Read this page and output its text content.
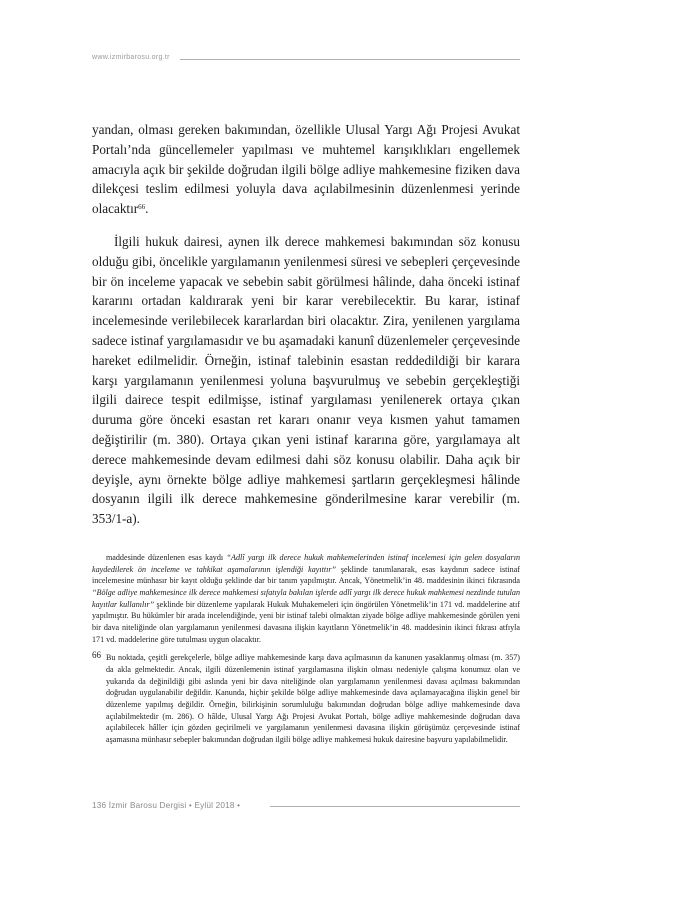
www.izmirbarosu.org.tr
yandan, olması gereken bakımından, özellikle Ulusal Yargı Ağı Projesi Avukat Portalı’nda güncellemeler yapılması ve muhtemel karışıklıkları engellemek amacıyla açık bir şekilde doğrudan ilgili bölge adliye mahkemesine fiziken dava dilekçesi teslim edilmesi yoluyla dava açılabilmesinin düzenlenmesi yerinde olacaktır$^{66}$.
İlgili hukuk dairesi, aynen ilk derece mahkemesi bakımından söz konusu olduğu gibi, öncelikle yargılamanın yenilenmesi süresi ve sebepleri çerçevesinde bir ön inceleme yapacak ve sebebin sabit görülmesi hâlinde, daha önceki istinaf kararını ortadan kaldırarak yeni bir karar verebilecektir. Bu karar, istinaf incelemesinde verilebilecek kararlardan biri olacaktır. Zira, yenilenen yargılama sadece istinaf yargılamasıdır ve bu aşamadaki kanunî düzenlemeler çerçevesinde hareket edilmelidir. Örneğin, istinaf talebinin esastan reddedildiği bir karara karşı yargılamanın yenilenmesi yoluna başvurulmuş ve sebebin gerçekleştiği ilgili dairece tespit edilmişse, istinaf yargılaması yenilenerek ortaya çıkan duruma göre önceki esastan ret kararı onanır veya kısmen yahut tamamen değiştirilir (m. 380). Ortaya çıkan yeni istinaf kararına göre, yargılamaya alt derece mahkemesinde devam edilmesi dahi söz konusu olabilir. Daha açık bir deyişle, aynı örnekte bölge adliye mahkemesi şartların gerçekleşmesi hâlinde dosyanın ilgili ilk derece mahkemesine gönderilmesine karar verebilir (m. 353/1-a).

maddesinde düzenlenen esas kaydı “Adlî yargı ilk derece hukuk mahkemelerinden istinaf incelemesi için gelen dosyaların kaydedilerek ön inceleme ve tahkikat aşamalarının işlendiği kayıttır” şeklinde tanımlanarak, esas kaydının sadece istinaf incelemesine münhasır bir kayıt olduğu şeklinde dar bir tanım yapılmıştır. Ancak, Yönetmelik’in 48. maddesinin ikinci fıkrasında “Bölge adliye mahkemesince ilk derece mahkemesi sıfatıyla bakılan işlerde adlî yargı ilk derece hukuk mahkemesi nezdinde tutulan kayıtlar kullanılır” şeklinde bir düzenleme yapılarak Hukuk Muhakemeleri için öngörülen Yönetmelik’in 171 vd. maddelerine atıf yapılmıştır. Bu hükümler bir arada incelendiğinde, yeni bir istinaf talebi olmaktan ziyade bölge adliye mahkemesinde görülen yeni bir dava niteliğinde olan yargılamanın yenilenmesi davasına ilişkin kayıtların Yönetmelik’in 48. maddesinin ikinci fıkrası atfıyla 171 vd. maddelerine göre tutulması uygun olacaktır.

66 Bu noktada, çeşitli gerekçelerle, bölge adliye mahkemesinde karşı dava açılmasının da kanunen yasaklanmış olması (m. 357) da akla gelmektedir. Ancak, ilgili düzenlemenin istinaf yargılamasına ilişkin olması nedeniyle çalışma konumuz olan ve yukarıda da değinildiği gibi aslında yeni bir dava niteliğinde olan yargılamanın yenilenmesi davası açılması bakımından doğrudan uygulanabilir değildir. Kanunda, hiçbir şekilde bölge adliye mahkemesinde dava açılamayacağına ilişkin genel bir düzenleme yapılmış değildir. Örneğin, bilirkişinin sorumluluğu bakımından doğrudan bölge adliye mahkemesinde dava açılabilmektedir (m. 286). O hâlde, Ulusal Yargı Ağı Projesi Avukat Portalı, bölge adliye mahkemesinde doğrudan dava açılabilecek hâller için gözden geçirilmeli ve yargılamanın yenilenmesi davasına ilişkin görüşümüz çerçevesinde istinaf aşamasına münhasır sebepler bakımından doğrudan ilgili bölge adliye mahkemesi hukuk dairesine başvuru yapılabilmelidir.

136 İzmir Barosu Dergisi • Eylül 2018 •
